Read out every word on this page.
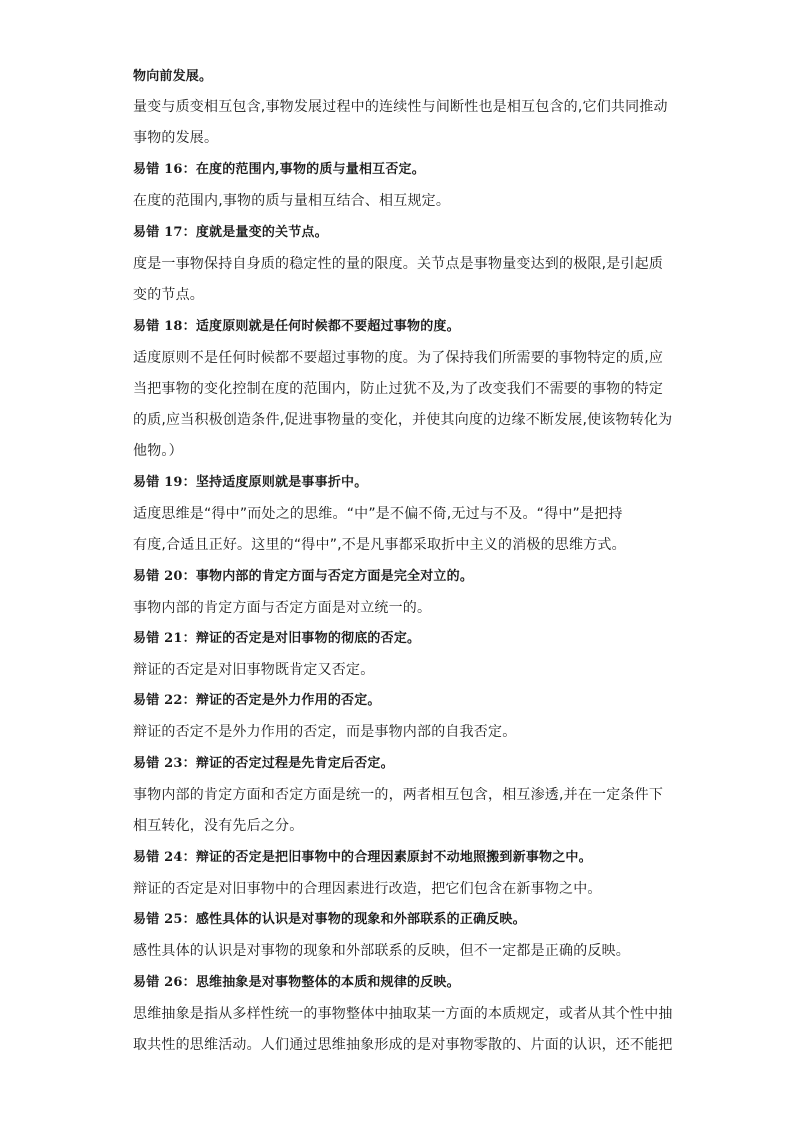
物向前发展。
量变与质变相互包含,事物发展过程中的连续性与间断性也是相互包含的,它们共同推动
事物的发展。
易错 16：在度的范围内,事物的质与量相互否定。
在度的范围内,事物的质与量相互结合、相互规定。
易错 17：度就是量变的关节点。
度是一事物保持自身质的稳定性的量的限度。关节点是事物量变达到的极限,是引起质
变的节点。
易错 18：适度原则就是任何时候都不要超过事物的度。
适度原则不是任何时候都不要超过事物的度。为了保持我们所需要的事物特定的质,应
当把事物的变化控制在度的范围内，防止过犹不及,为了改变我们不需要的事物的特定
的质,应当积极创造条件,促进事物量的变化，并使其向度的边缘不断发展,使该物转化为
他物。）
易错 19：坚持适度原则就是事事折中。
适度思维是“得中”而处之的思维。“中”是不偏不倚,无过与不及。“得中”是把持
有度,合适且正好。这里的“得中”,不是凡事都采取折中主义的消极的思维方式。
易错 20：事物内部的肯定方面与否定方面是完全对立的。
事物内部的肯定方面与否定方面是对立统一的。
易错 21：辩证的否定是对旧事物的彻底的否定。
辩证的否定是对旧事物既肯定又否定。
易错 22：辩证的否定是外力作用的否定。
辩证的否定不是外力作用的否定，而是事物内部的自我否定。
易错 23：辩证的否定过程是先肯定后否定。
事物内部的肯定方面和否定方面是统一的，两者相互包含，相互渗透,并在一定条件下
相互转化，没有先后之分。
易错 24：辩证的否定是把旧事物中的合理因素原封不动地照搬到新事物之中。
辩证的否定是对旧事物中的合理因素进行改造，把它们包含在新事物之中。
易错 25：感性具体的认识是对事物的现象和外部联系的正确反映。
感性具体的认识是对事物的现象和外部联系的反映，但不一定都是正确的反映。
易错 26：思维抽象是对事物整体的本质和规律的反映。
思维抽象是指从多样性统一的事物整体中抽取某一方面的本质规定，或者从其个性中抽
取共性的思维活动。人们通过思维抽象形成的是对事物零散的、片面的认识，还不能把
